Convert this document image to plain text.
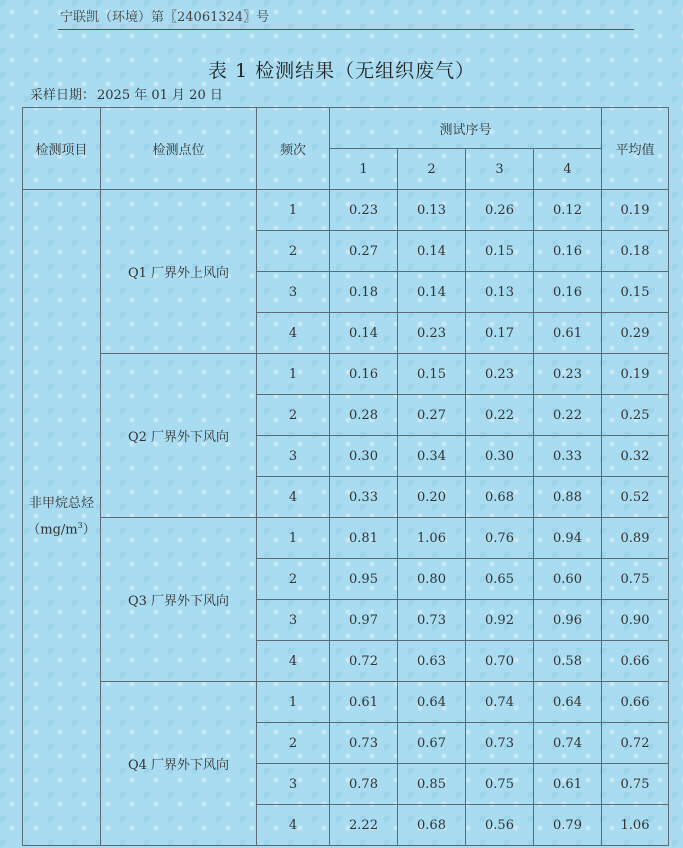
宁联凯（环境）第〖24061324〗号
表 1 检测结果（无组织废气）
采样日期： 2025 年 01 月 20 日
检测项目	检测点位	频次	测试序号				平均值
			1	2	3	4	
非甲烷总烃
$(mg/m^3)$	Q1 厂界外上风向	1	0.23	0.13	0.26	0.12	0.19
		2	0.27	0.14	0.15	0.16	0.18
		3	0.18	0.14	0.13	0.16	0.15
		4	0.14	0.23	0.17	0.61	0.29
	Q2 厂界外下风向	1	0.16	0.15	0.23	0.23	0.19
		2	0.28	0.27	0.22	0.22	0.25
		3	0.30	0.34	0.30	0.33	0.32
		4	0.33	0.20	0.68	0.88	0.52
	Q3 厂界外下风向	1	0.81	1.06	0.76	0.94	0.89
		2	0.95	0.80	0.65	0.60	0.75
		3	0.97	0.73	0.92	0.96	0.90
		4	0.72	0.63	0.70	0.58	0.66
	Q4 厂界外下风向	1	0.61	0.64	0.74	0.64	0.66
		2	0.73	0.67	0.73	0.74	0.72
		3	0.78	0.85	0.75	0.61	0.75
		4	2.22	0.68	0.56	0.79	1.06
